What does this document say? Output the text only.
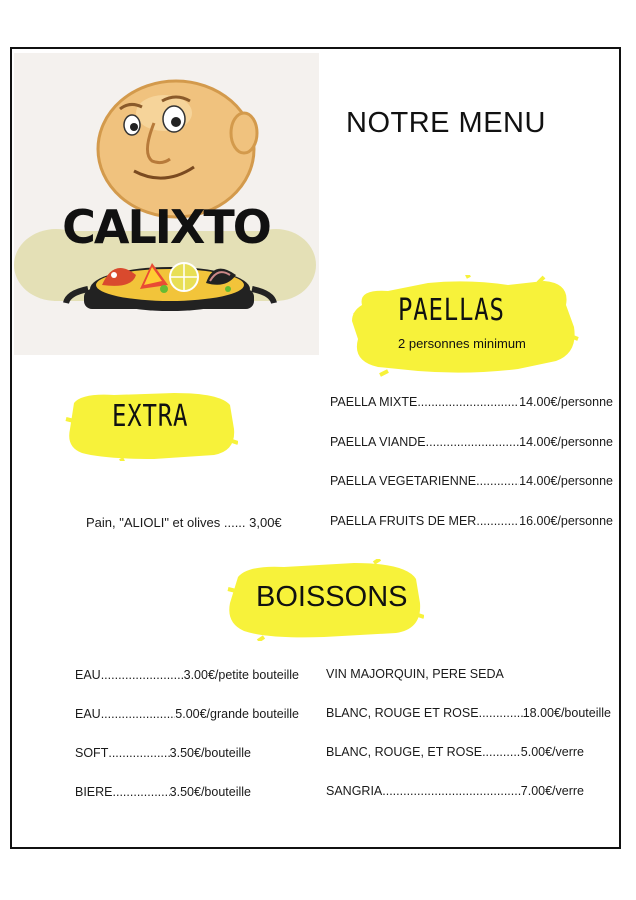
CALIXTO
NOTRE MENU
PAELLAS
2 personnes minimum
EXTRA	PAELLA MIXTE .....	14.00€/personne
PAELLA VIANDE .....	14.00€/personne
PAELLA VEGETARIENNE .....	14.00€/personne
PAELLA FRUITS DE MER .....	16.00€/personne
Pain, "ALIOLI" et olives ...... 3,00€
BOISSONS
EAU .....	3.00€/petite bouteille
EAU .....	5.00€/grande bouteille
SOFT .....	3.50€/bouteille
BIERE .....	3.50€/bouteille
VIN MAJORQUIN, PERE SEDA
BLANC, ROUGE ET ROSE .....	18.00€/bouteille
BLANC, ROUGE, ET ROSE .....	5.00€/verre
SANGRIA .....	7.00€/verre
